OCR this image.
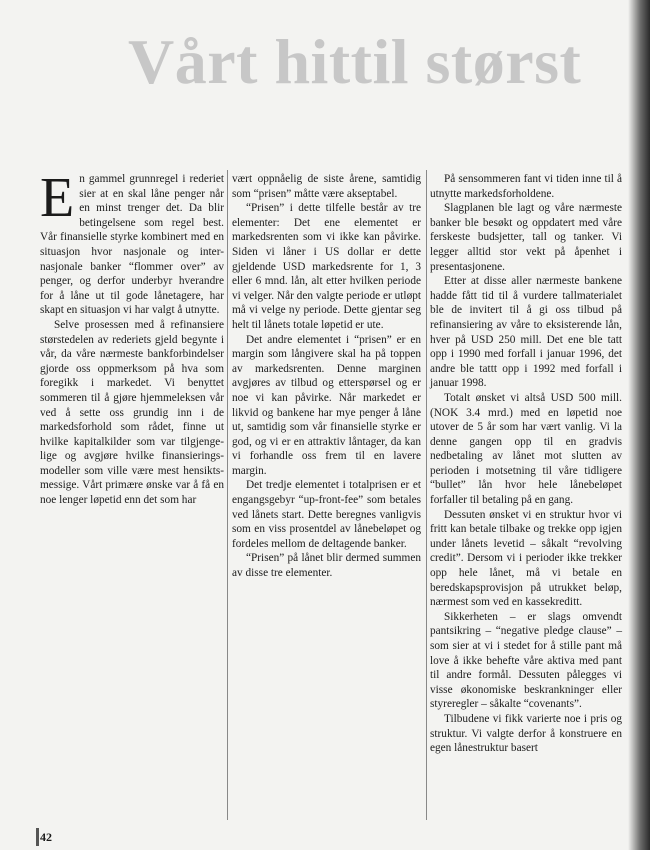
Vårt hittil størst

En gammel grunnregel i rederiet sier at en skal låne penger når en minst trenger det. Da blir betingelsene som regel best. Vår finansielle styrke kombinert med en situasjon hvor nasjonale og inter-nasjonale banker “flommer over” av penger, og derfor underbyr hverandre for å låne ut til gode lånetagere, har skapt en situasjon vi har valgt å utnytte.

Selve prosessen med å refinansiere størstedelen av rederiets gjeld begynte i vår, da våre nærmeste bankforbindelser gjorde oss oppmerksom på hva som foregikk i markedet. Vi benyttet sommeren til å gjøre hjemmeleksen vår ved å sette oss grundig inn i de markedsforhold som rådet, finne ut hvilke kapitalkilder som var tilgjenge-lige og avgjøre hvilke finansierings-modeller som ville være mest hensikts-messige. Vårt primære ønske var å få en noe lenger løpetid enn det som har

vært oppnåelig de siste årene, samtidig som “prisen” måtte være akseptabel.

“Prisen” i dette tilfelle består av tre elementer: Det ene elementet er markedsrenten som vi ikke kan påvirke. Siden vi låner i US dollar er dette gjeldende USD markedsrente for 1, 3 eller 6 mnd. lån, alt etter hvilken periode vi velger. Når den valgte periode er utløpt må vi velge ny periode. Dette gjentar seg helt til lånets totale løpetid er ute.

Det andre elementet i “prisen” er en margin som långivere skal ha på toppen av markedsrenten. Denne marginen avgjøres av tilbud og etterspørsel og er noe vi kan påvirke. Når markedet er likvid og bankene har mye penger å låne ut, samtidig som vår finansielle styrke er god, og vi er en attraktiv låntager, da kan vi forhandle oss frem til en lavere margin.

Det tredje elementet i totalprisen er et engangsgebyr “up-front-fee” som betales ved lånets start. Dette beregnes vanligvis som en viss prosentdel av lånebeløpet og fordeles mellom de deltagende banker.

“Prisen” på lånet blir dermed summen av disse tre elementer.

På sensommeren fant vi tiden inne til å utnytte markedsforholdene.

Slagplanen ble lagt og våre nærmeste banker ble besøkt og oppdatert med våre ferskeste budsjetter, tall og tanker. Vi legger alltid stor vekt på åpenhet i presentasjonene.

Etter at disse aller nærmeste bankene hadde fått tid til å vurdere tallmaterialet ble de invitert til å gi oss tilbud på refinansiering av våre to eksisterende lån, hver på USD 250 mill. Det ene ble tatt opp i 1990 med forfall i januar 1996, det andre ble tattt opp i 1992 med forfall i januar 1998.

Totalt ønsket vi altså USD 500 mill. (NOK 3.4 mrd.) med en løpetid noe utover de 5 år som har vært vanlig. Vi la denne gangen opp til en gradvis nedbetaling av lånet mot slutten av perioden i motsetning til våre tidligere “bullet” lån hvor hele lånebeløpet forfaller til betaling på en gang.

Dessuten ønsket vi en struktur hvor vi fritt kan betale tilbake og trekke opp igjen under lånets levetid – såkalt “revolving credit”. Dersom vi i perioder ikke trekker opp hele lånet, må vi betale en beredskapsprovisjon på utrukket beløp, nærmest som ved en kassekreditt.

Sikkerheten – er slags omvendt pantsikring – “negative pledge clause” – som sier at vi i stedet for å stille pant må love å ikke beheftе våre aktiva med pant til andre formål. Dessuten pålegges vi visse økonomiske beskrankninger eller styreregler – såkalte “covenants”.

Tilbudene vi fikk varierte noe i pris og struktur. Vi valgte derfor å konstruere en egen lånestruktur basert

42
